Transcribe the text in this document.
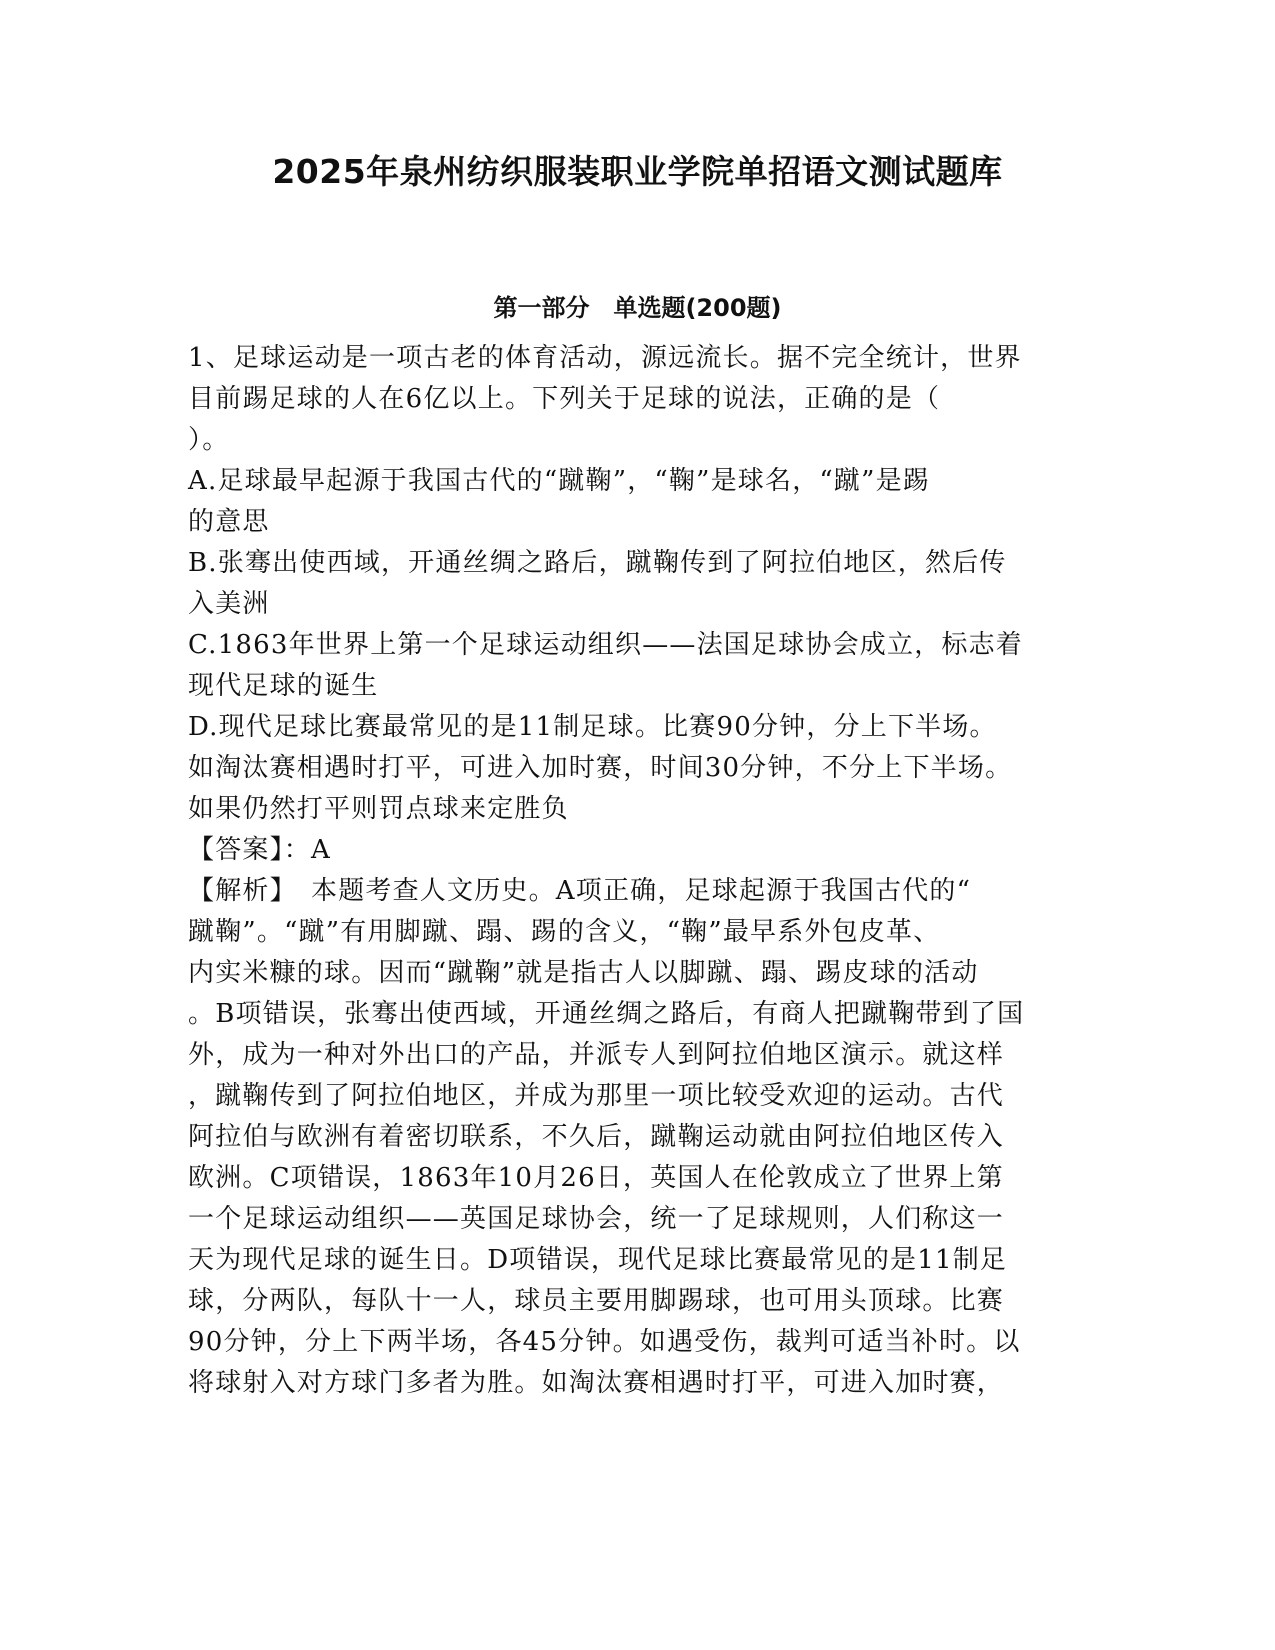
2025年泉州纺织服装职业学院单招语文测试题库
第一部分　单选题(200题)
1、足球运动是一项古老的体育活动，源远流长。据不完全统计，世界
目前踢足球的人在6亿以上。下列关于足球的说法，正确的是（
）。
A.足球最早起源于我国古代的“蹴鞠”，“鞠”是球名，“蹴”是踢
的意思
B.张骞出使西域，开通丝绸之路后，蹴鞠传到了阿拉伯地区，然后传
入美洲
C.1863年世界上第一个足球运动组织——法国足球协会成立，标志着
现代足球的诞生
D.现代足球比赛最常见的是11制足球。比赛90分钟，分上下半场。
如淘汰赛相遇时打平，可进入加时赛，时间30分钟，不分上下半场。
如果仍然打平则罚点球来定胜负
【答案】：A
【解析】　本题考查人文历史。A项正确，足球起源于我国古代的“
蹴鞠”。“蹴”有用脚蹴、蹋、踢的含义，“鞠”最早系外包皮革、
内实米糠的球。因而“蹴鞠”就是指古人以脚蹴、蹋、踢皮球的活动
。B项错误，张骞出使西域，开通丝绸之路后，有商人把蹴鞠带到了国
外，成为一种对外出口的产品，并派专人到阿拉伯地区演示。就这样
，蹴鞠传到了阿拉伯地区，并成为那里一项比较受欢迎的运动。古代
阿拉伯与欧洲有着密切联系，不久后，蹴鞠运动就由阿拉伯地区传入
欧洲。C项错误，1863年10月26日，英国人在伦敦成立了世界上第
一个足球运动组织——英国足球协会，统一了足球规则，人们称这一
天为现代足球的诞生日。D项错误，现代足球比赛最常见的是11制足
球，分两队，每队十一人，球员主要用脚踢球，也可用头顶球。比赛
90分钟，分上下两半场，各45分钟。如遇受伤，裁判可适当补时。以
将球射入对方球门多者为胜。如淘汰赛相遇时打平，可进入加时赛，
